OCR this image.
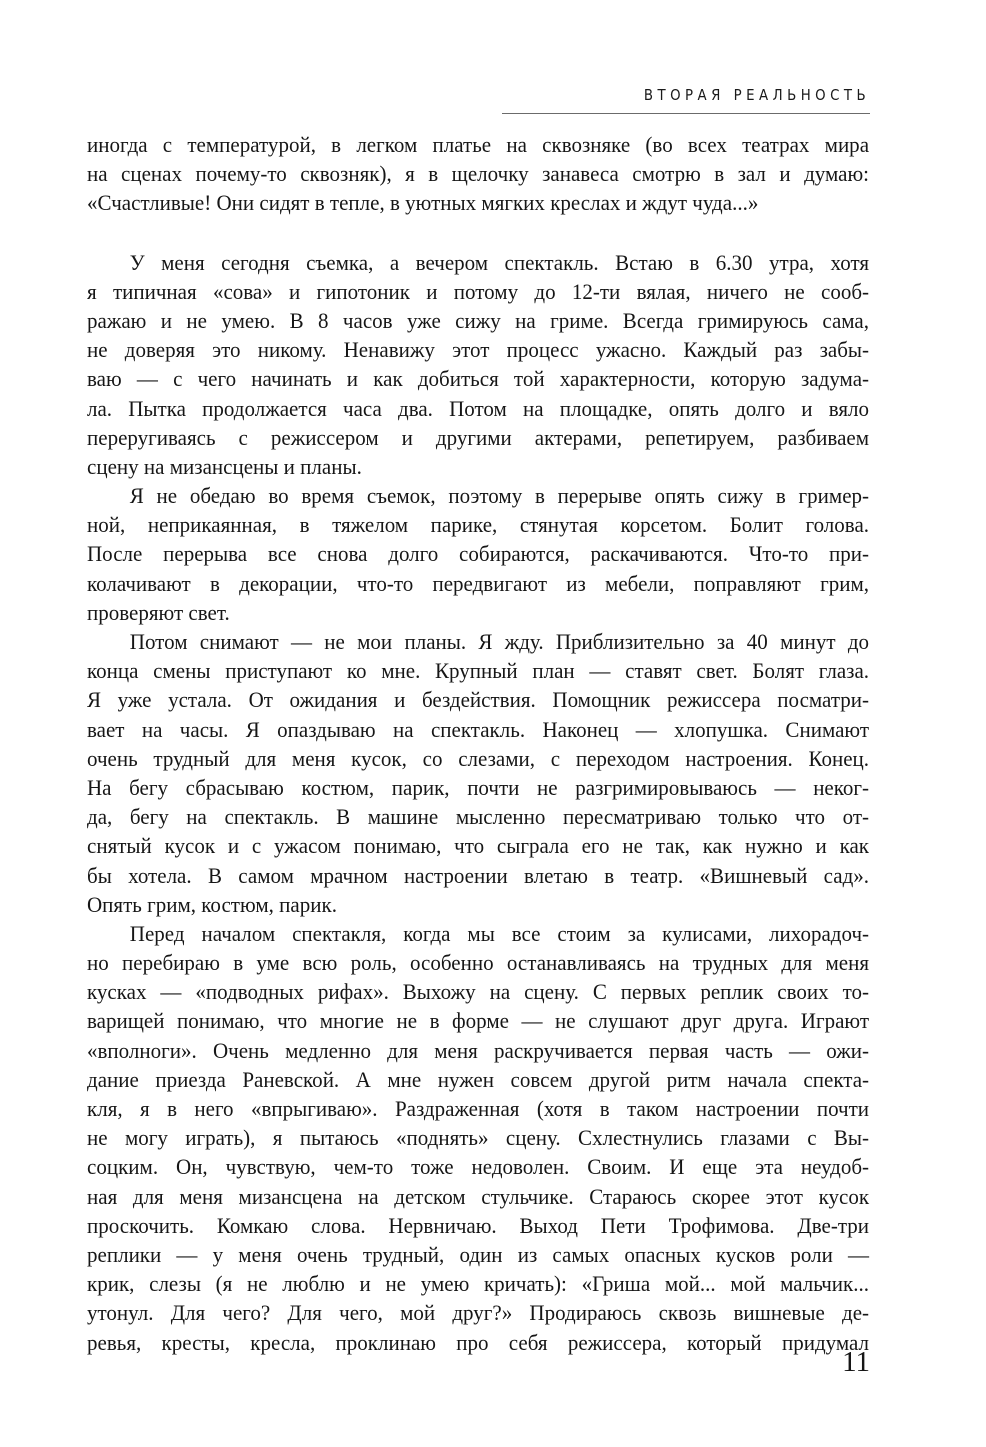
ВТОРАЯ РЕАЛЬНОСТЬ
иногда с температурой, в легком платье на сквозняке (во всех театрах мира
на сценах почему-то сквозняк), я в щелочку занавеса смотрю в зал и думаю:
«Счастливые! Они сидят в тепле, в уютных мягких креслах и ждут чуда...»
У меня сегодня съемка, а вечером спектакль. Встаю в 6.30 утра, хотя
я типичная «сова» и гипотоник и потому до 12-ти вялая, ничего не сооб-
ражаю и не умею. В 8 часов уже сижу на гриме. Всегда гримируюсь сама,
не доверяя это никому. Ненавижу этот процесс ужасно. Каждый раз забы-
ваю — с чего начинать и как добиться той характерности, которую задума-
ла. Пытка продолжается часа два. Потом на площадке, опять долго и вяло
переругиваясь с режиссером и другими актерами, репетируем, разбиваем
сцену на мизансцены и планы.
Я не обедаю во время съемок, поэтому в перерыве опять сижу в гример-
ной, неприкаянная, в тяжелом парике, стянутая корсетом. Болит голова.
После перерыва все снова долго собираются, раскачиваются. Что-то при-
колачивают в декорации, что-то передвигают из мебели, поправляют грим,
проверяют свет.
Потом снимают — не мои планы. Я жду. Приблизительно за 40 минут до
конца смены приступают ко мне. Крупный план — ставят свет. Болят глаза.
Я уже устала. От ожидания и бездействия. Помощник режиссера посматри-
вает на часы. Я опаздываю на спектакль. Наконец — хлопушка. Снимают
очень трудный для меня кусок, со слезами, с переходом настроения. Конец.
На бегу сбрасываю костюм, парик, почти не разгримировываюсь — неког-
да, бегу на спектакль. В машине мысленно пересматриваю только что от-
снятый кусок и с ужасом понимаю, что сыграла его не так, как нужно и как
бы хотела. В самом мрачном настроении влетаю в театр. «Вишневый сад».
Опять грим, костюм, парик.
Перед началом спектакля, когда мы все стоим за кулисами, лихорадоч-
но перебираю в уме всю роль, особенно останавливаясь на трудных для меня
кусках — «подводных рифах». Выхожу на сцену. С первых реплик своих то-
варищей понимаю, что многие не в форме — не слушают друг друга. Играют
«вполноги». Очень медленно для меня раскручивается первая часть — ожи-
дание приезда Раневской. А мне нужен совсем другой ритм начала спекта-
кля, я в него «впрыгиваю». Раздраженная (хотя в таком настроении почти
не могу играть), я пытаюсь «поднять» сцену. Схлестнулись глазами с Вы-
соцким. Он, чувствую, чем-то тоже недоволен. Своим. И еще эта неудоб-
ная для меня мизансцена на детском стульчике. Стараюсь скорее этот кусок
проскочить. Комкаю слова. Нервничаю. Выход Пети Трофимова. Две-три
реплики — у меня очень трудный, один из самых опасных кусков роли —
крик, слезы (я не люблю и не умею кричать): «Гриша мой... мой мальчик...
утонул. Для чего? Для чего, мой друг?» Продираюсь сквозь вишневые де-
ревья, кресты, кресла, проклинаю про себя режиссера, который придумал
11
